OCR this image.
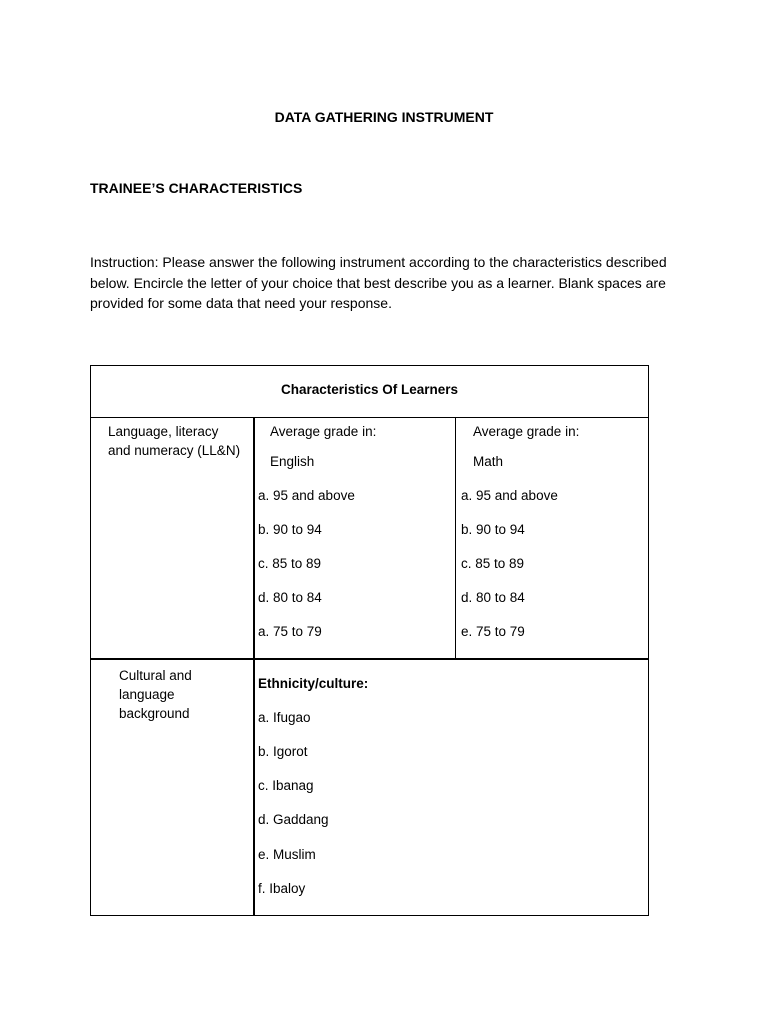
DATA GATHERING INSTRUMENT
TRAINEE’S CHARACTERISTICS
Instruction: Please answer the following instrument according to the characteristics described below. Encircle the letter of your choice that best describe you as a learner. Blank spaces are provided for some data that need your response.
Characteristics Of Learners
Language, literacy
and numeracy (LL&N)
Average grade in:
English
a. 95 and above
b. 90 to 94
c. 85 to 89
d. 80 to 84
a. 75 to 79
Average grade in:
Math
a. 95 and above
b. 90 to 94
c. 85 to 89
d. 80 to 84
e. 75 to 79
Cultural and
language
background
Ethnicity/culture:
a. Ifugao
b. Igorot
c. Ibanag
d. Gaddang
e. Muslim
f. Ibaloy
